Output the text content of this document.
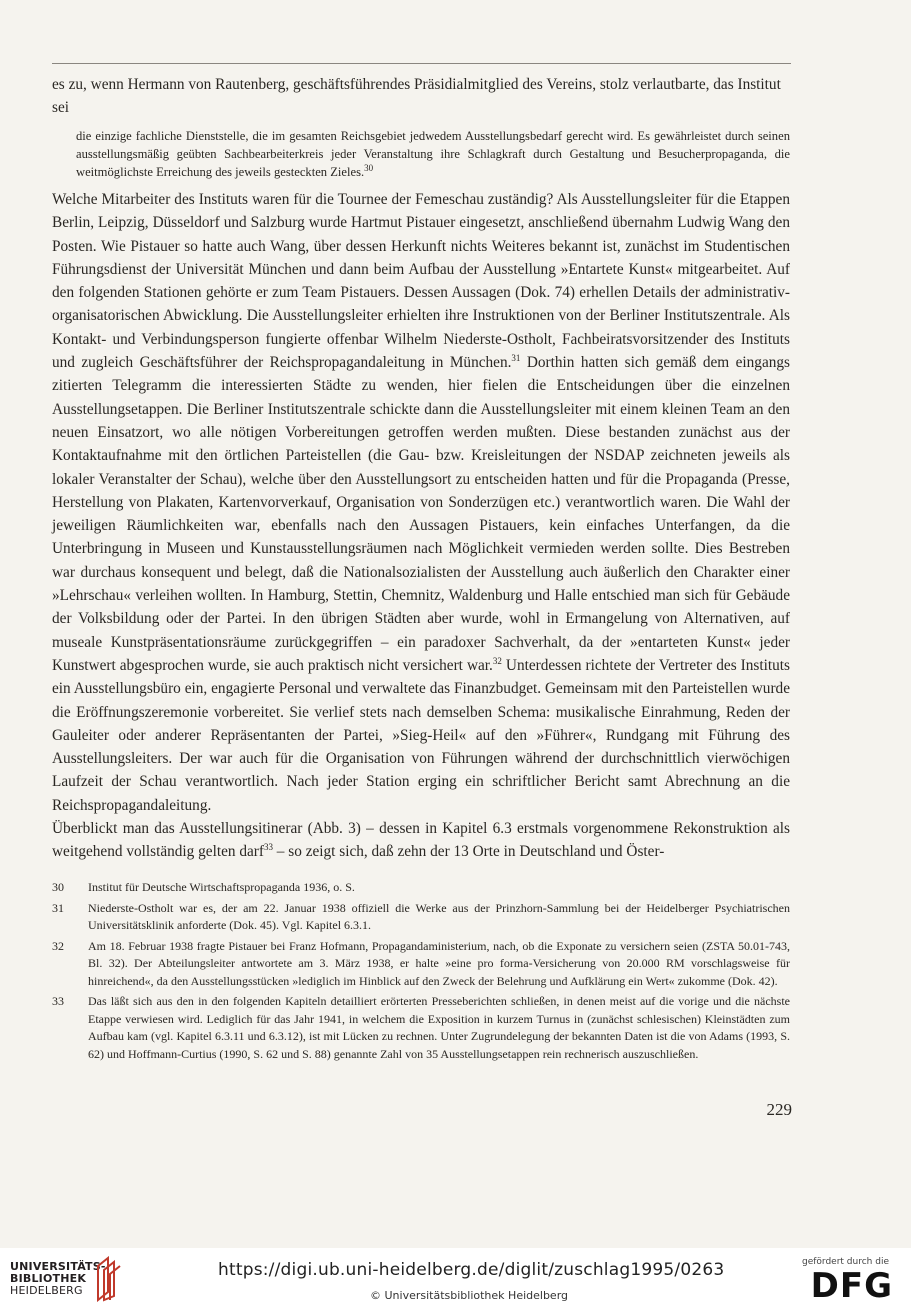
es zu, wenn Hermann von Rautenberg, geschäftsführendes Präsidialmitglied des Vereins, stolz verlautbarte, das Institut sei

die einzige fachliche Dienststelle, die im gesamten Reichsgebiet jedwedem Ausstellungsbedarf gerecht wird. Es gewährleistet durch seinen ausstellungsmäßig geübten Sachbearbeiterkreis jeder Veranstaltung ihre Schlagkraft durch Gestaltung und Besucherpropaganda, die weitmöglichste Erreichung des jeweils gesteckten Zieles.$^{30}$

Welche Mitarbeiter des Instituts waren für die Tournee der Femeschau zuständig? Als Ausstellungsleiter für die Etappen Berlin, Leipzig, Düsseldorf und Salzburg wurde Hartmut Pistauer eingesetzt, anschließend übernahm Ludwig Wang den Posten. Wie Pistauer so hatte auch Wang, über dessen Herkunft nichts Weiteres bekannt ist, zunächst im Studentischen Führungsdienst der Universität München und dann beim Aufbau der Ausstellung »Entartete Kunst« mitgearbeitet. Auf den folgenden Stationen gehörte er zum Team Pistauers. Dessen Aussagen (Dok. 74) erhellen Details der administrativ-organisatorischen Abwicklung. Die Ausstellungsleiter erhielten ihre Instruktionen von der Berliner Institutszentrale. Als Kontakt- und Verbindungsperson fungierte offenbar Wilhelm Niederste-Ostholt, Fachbeiratsvorsitzender des Instituts und zugleich Geschäftsführer der Reichspropagandaleitung in München.$^{31}$ Dorthin hatten sich gemäß dem eingangs zitierten Telegramm die interessierten Städte zu wenden, hier fielen die Entscheidungen über die einzelnen Ausstellungsetappen. Die Berliner Institutszentrale schickte dann die Ausstellungsleiter mit einem kleinen Team an den neuen Einsatzort, wo alle nötigen Vorbereitungen getroffen werden mußten. Diese bestanden zunächst aus der Kontaktaufnahme mit den örtlichen Parteistellen (die Gau- bzw. Kreisleitungen der NSDAP zeichneten jeweils als lokaler Veranstalter der Schau), welche über den Ausstellungsort zu entscheiden hatten und für die Propaganda (Presse, Herstellung von Plakaten, Kartenvorverkauf, Organisation von Sonderzügen etc.) verantwortlich waren. Die Wahl der jeweiligen Räumlichkeiten war, ebenfalls nach den Aussagen Pistauers, kein einfaches Unterfangen, da die Unterbringung in Museen und Kunstausstellungsräumen nach Möglichkeit vermieden werden sollte. Dies Bestreben war durchaus konsequent und belegt, daß die Nationalsozialisten der Ausstellung auch äußerlich den Charakter einer »Lehrschau« verleihen wollten. In Hamburg, Stettin, Chemnitz, Waldenburg und Halle entschied man sich für Gebäude der Volksbildung oder der Partei. In den übrigen Städten aber wurde, wohl in Ermangelung von Alternativen, auf museale Kunstpräsentationsräume zurückgegriffen – ein paradoxer Sachverhalt, da der »entarteten Kunst« jeder Kunstwert abgesprochen wurde, sie auch praktisch nicht versichert war.$^{32}$ Unterdessen richtete der Vertreter des Instituts ein Ausstellungsbüro ein, engagierte Personal und verwaltete das Finanzbudget. Gemeinsam mit den Parteistellen wurde die Eröffnungszeremonie vorbereitet. Sie verlief stets nach demselben Schema: musikalische Einrahmung, Reden der Gauleiter oder anderer Repräsentanten der Partei, »Sieg-Heil« auf den »Führer«, Rundgang mit Führung des Ausstellungsleiters. Der war auch für die Organisation von Führungen während der durchschnittlich vierwöchigen Laufzeit der Schau verantwortlich. Nach jeder Station erging ein schriftlicher Bericht samt Abrechnung an die Reichspropagandaleitung.

Überblickt man das Ausstellungsitinerar (Abb. 3) – dessen in Kapitel 6.3 erstmals vorgenommene Rekonstruktion als weitgehend vollständig gelten darf$^{33}$ – so zeigt sich, daß zehn der 13 Orte in Deutschland und Öster-

30	Institut für Deutsche Wirtschaftspropaganda 1936, o. S.
31	Niederste-Ostholt war es, der am 22. Januar 1938 offiziell die Werke aus der Prinzhorn-Sammlung bei der Heidelberger Psychiatrischen Universitätsklinik anforderte (Dok. 45). Vgl. Kapitel 6.3.1.
32	Am 18. Februar 1938 fragte Pistauer bei Franz Hofmann, Propagandaministerium, nach, ob die Exponate zu versichern seien (ZSTA 50.01-743, Bl. 32). Der Abteilungsleiter antwortete am 3. März 1938, er halte »eine pro forma-Versicherung von 20.000 RM vorschlagsweise für hinreichend«, da den Ausstellungsstücken »lediglich im Hinblick auf den Zweck der Belehrung und Aufklärung ein Wert« zukomme (Dok. 42).
33	Das läßt sich aus den in den folgenden Kapiteln detailliert erörterten Presseberichten schließen, in denen meist auf die vorige und die nächste Etappe verwiesen wird. Lediglich für das Jahr 1941, in welchem die Exposition in kurzem Turnus in (zunächst schlesischen) Kleinstädten zum Aufbau kam (vgl. Kapitel 6.3.11 und 6.3.12), ist mit Lücken zu rechnen. Unter Zugrundelegung der bekannten Daten ist die von Adams (1993, S. 62) und Hoffmann-Curtius (1990, S. 62 und S. 88) genannte Zahl von 35 Ausstellungsetappen rein rechnerisch auszuschließen.
229
UNIVERSITÄTS-
BIBLIOTHEK
HEIDELBERG
https://digi.ub.uni-heidelberg.de/diglit/zuschlag1995/0263
© Universitätsbibliothek Heidelberg
gefördert durch die
DFG
